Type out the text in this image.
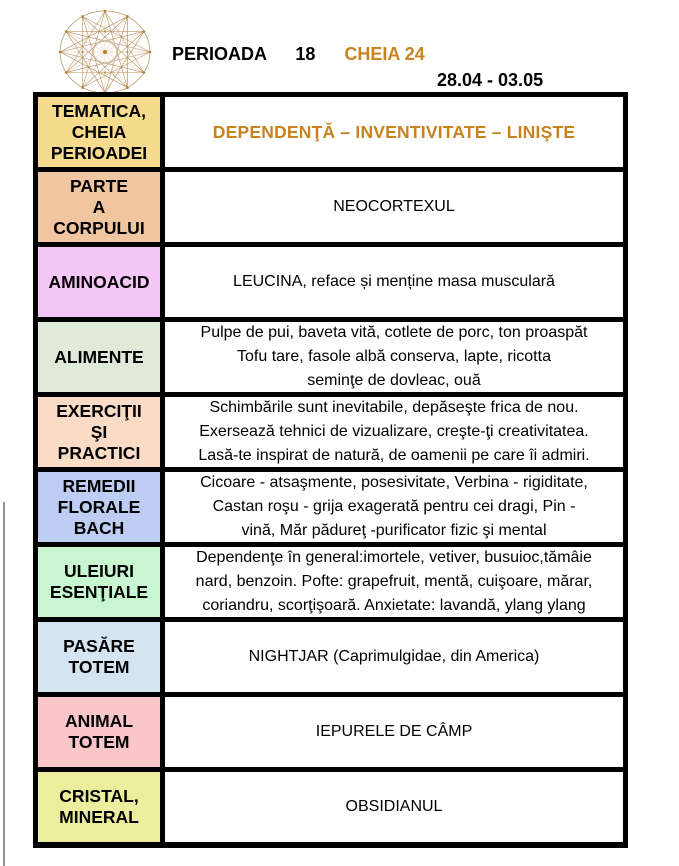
PERIOADA 18 CHEIA 24
28.04 - 03.05
TEMATICA,
CHEIA
PERIOADEI
DEPENDENŢĂ – INVENTIVITATE – LINIŞTE
PARTE
A
CORPULUI
NEOCORTEXUL
AMINOACID	LEUCINA, reface și menține masa musculară
ALIMENTE
Pulpe de pui, baveta vită, cotlete de porc, ton proaspăt
Tofu tare, fasole albă conserva, lapte, ricotta
seminţe de dovleac, ouă
EXERCIŢII
ŞI
PRACTICI
Schimbările sunt inevitabile, depăseşte frica de nou.
Exersează tehnici de vizualizare, creşte-ţi creativitatea.
Lasă-te inspirat de natură, de oamenii pe care îi admiri.
REMEDII
FLORALE
BACH
Cicoare - atsaşmente, posesivitate, Verbina - rigiditate,
Castan roşu - grija exagerată pentru cei dragi, Pin -
vină, Măr pădureţ -purificator fizic şi mental
ULEIURI
ESENŢIALE
Dependenţe în general:imortele, vetiver, busuioc,tămâie
nard, benzoin. Pofte: grapefruit, mentă, cuişoare, mărar,
coriandru, scorţişoară. Anxietate: lavandă, ylang ylang
PASĂRE
TOTEM
NIGHTJAR (Caprimulgidae, din America)
ANIMAL
TOTEM
IEPURELE DE CÂMP
CRISTAL,
MINERAL
OBSIDIANUL
